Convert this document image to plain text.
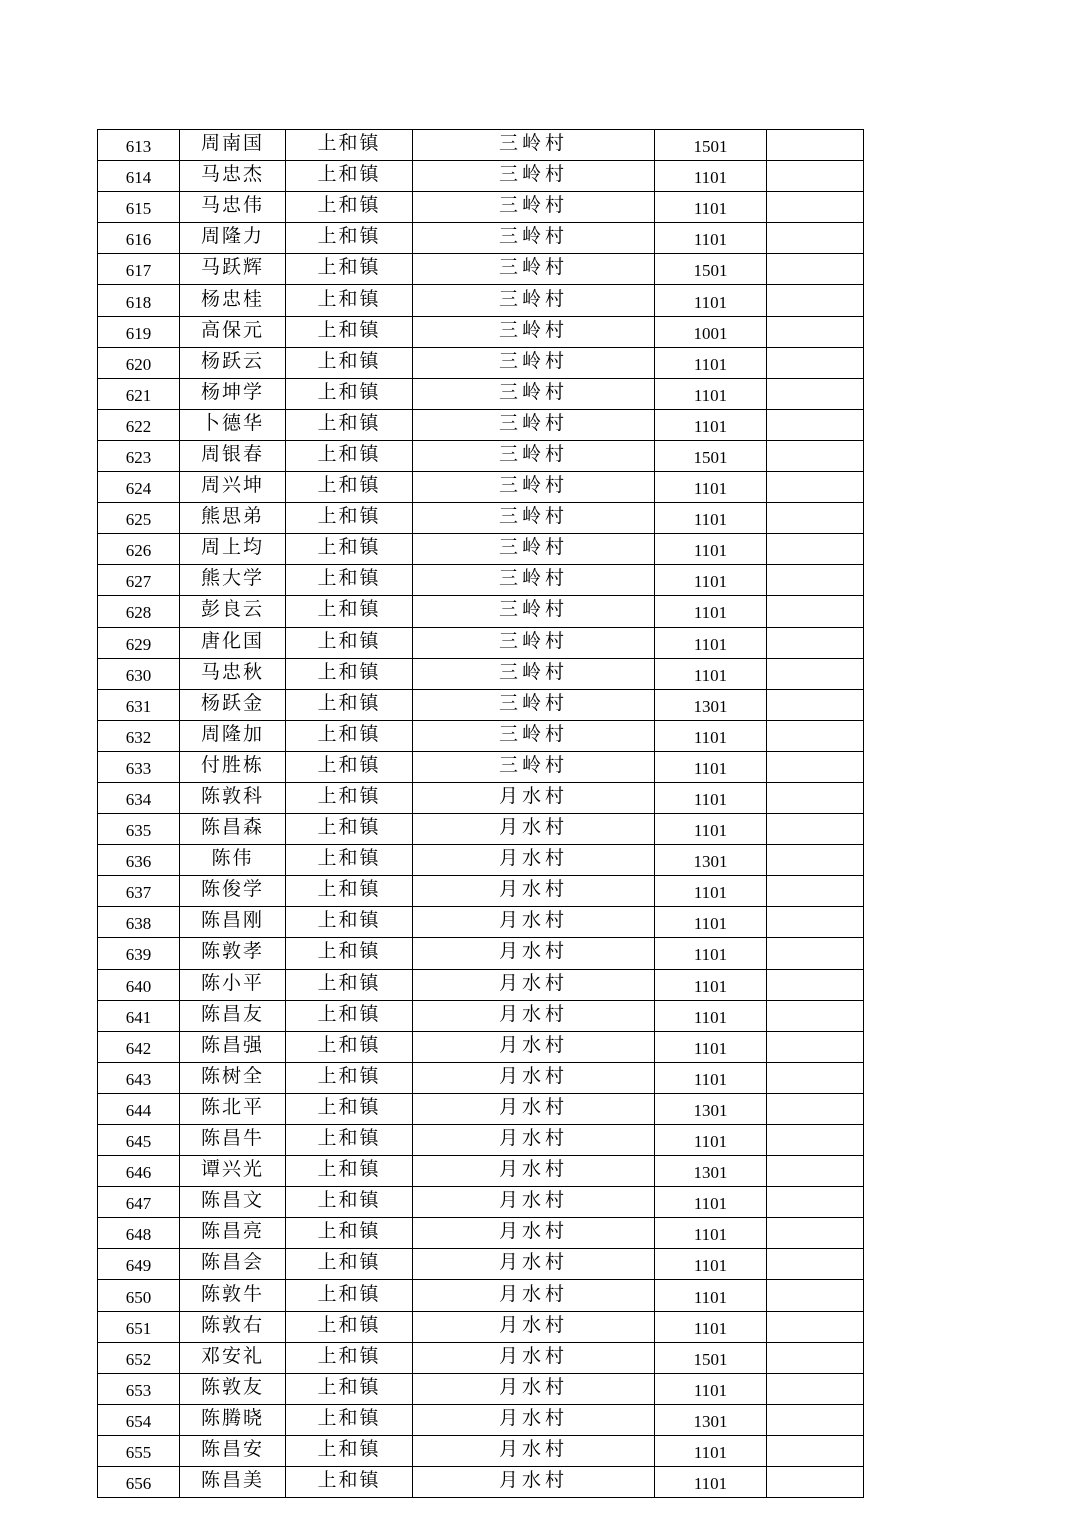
613	周南国	上和镇	三岭村	1501	
614	马忠杰	上和镇	三岭村	1101	
615	马忠伟	上和镇	三岭村	1101	
616	周隆力	上和镇	三岭村	1101	
617	马跃辉	上和镇	三岭村	1501	
618	杨忠桂	上和镇	三岭村	1101	
619	高保元	上和镇	三岭村	1001	
620	杨跃云	上和镇	三岭村	1101	
621	杨坤学	上和镇	三岭村	1101	
622	卜德华	上和镇	三岭村	1101	
623	周银春	上和镇	三岭村	1501	
624	周兴坤	上和镇	三岭村	1101	
625	熊思弟	上和镇	三岭村	1101	
626	周上均	上和镇	三岭村	1101	
627	熊大学	上和镇	三岭村	1101	
628	彭良云	上和镇	三岭村	1101	
629	唐化国	上和镇	三岭村	1101	
630	马忠秋	上和镇	三岭村	1101	
631	杨跃金	上和镇	三岭村	1301	
632	周隆加	上和镇	三岭村	1101	
633	付胜栋	上和镇	三岭村	1101	
634	陈敦科	上和镇	月水村	1101	
635	陈昌森	上和镇	月水村	1101	
636	陈伟	上和镇	月水村	1301	
637	陈俊学	上和镇	月水村	1101	
638	陈昌刚	上和镇	月水村	1101	
639	陈敦孝	上和镇	月水村	1101	
640	陈小平	上和镇	月水村	1101	
641	陈昌友	上和镇	月水村	1101	
642	陈昌强	上和镇	月水村	1101	
643	陈树全	上和镇	月水村	1101	
644	陈北平	上和镇	月水村	1301	
645	陈昌牛	上和镇	月水村	1101	
646	谭兴光	上和镇	月水村	1301	
647	陈昌文	上和镇	月水村	1101	
648	陈昌亮	上和镇	月水村	1101	
649	陈昌会	上和镇	月水村	1101	
650	陈敦牛	上和镇	月水村	1101	
651	陈敦右	上和镇	月水村	1101	
652	邓安礼	上和镇	月水村	1501	
653	陈敦友	上和镇	月水村	1101	
654	陈腾晓	上和镇	月水村	1301	
655	陈昌安	上和镇	月水村	1101	
656	陈昌美	上和镇	月水村	1101	
